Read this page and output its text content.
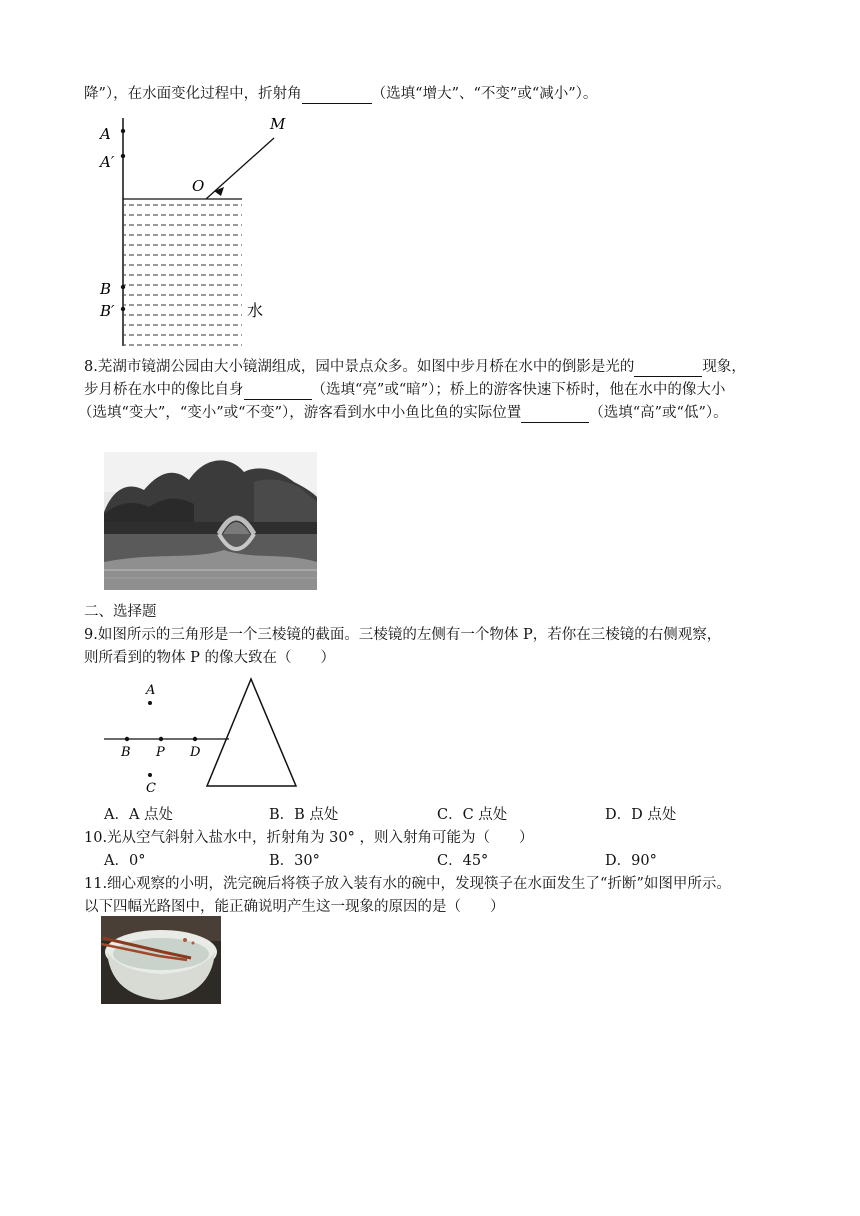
降”），在水面变化过程中，折射角	（选填“增大”、“不变”或“减小”）。
A
A′
M
O
B
B′	水
8.芜湖市镜湖公园由大小镜湖组成，园中景点众多。如图中步月桥在水中的倒影是光的	现象，
步月桥在水中的像比自身	（选填“亮”或“暗”）；桥上的游客快速下桥时，他在水中的像大小
（选填“变大”，“变小”或“不变”），游客看到水中小鱼比鱼的实际位置	（选填“高”或“低”）。
二、选择题
9.如图所示的三角形是一个三棱镜的截面。三棱镜的左侧有一个物体 P，若你在三棱镜的右侧观察，
则所看到的物体 P 的像大致在（　　）
A
B P D
C
A．A 点处	B．B 点处	C．C 点处	D．D 点处
10.光从空气斜射入盐水中，折射角为 30° ，则入射角可能为（　　）
A．0°	B．30°	C．45°	D．90°
11.细心观察的小明，洗完碗后将筷子放入装有水的碗中，发现筷子在水面发生了“折断”如图甲所示。
以下四幅光路图中，能正确说明产生这一现象的原因的是（　　）
